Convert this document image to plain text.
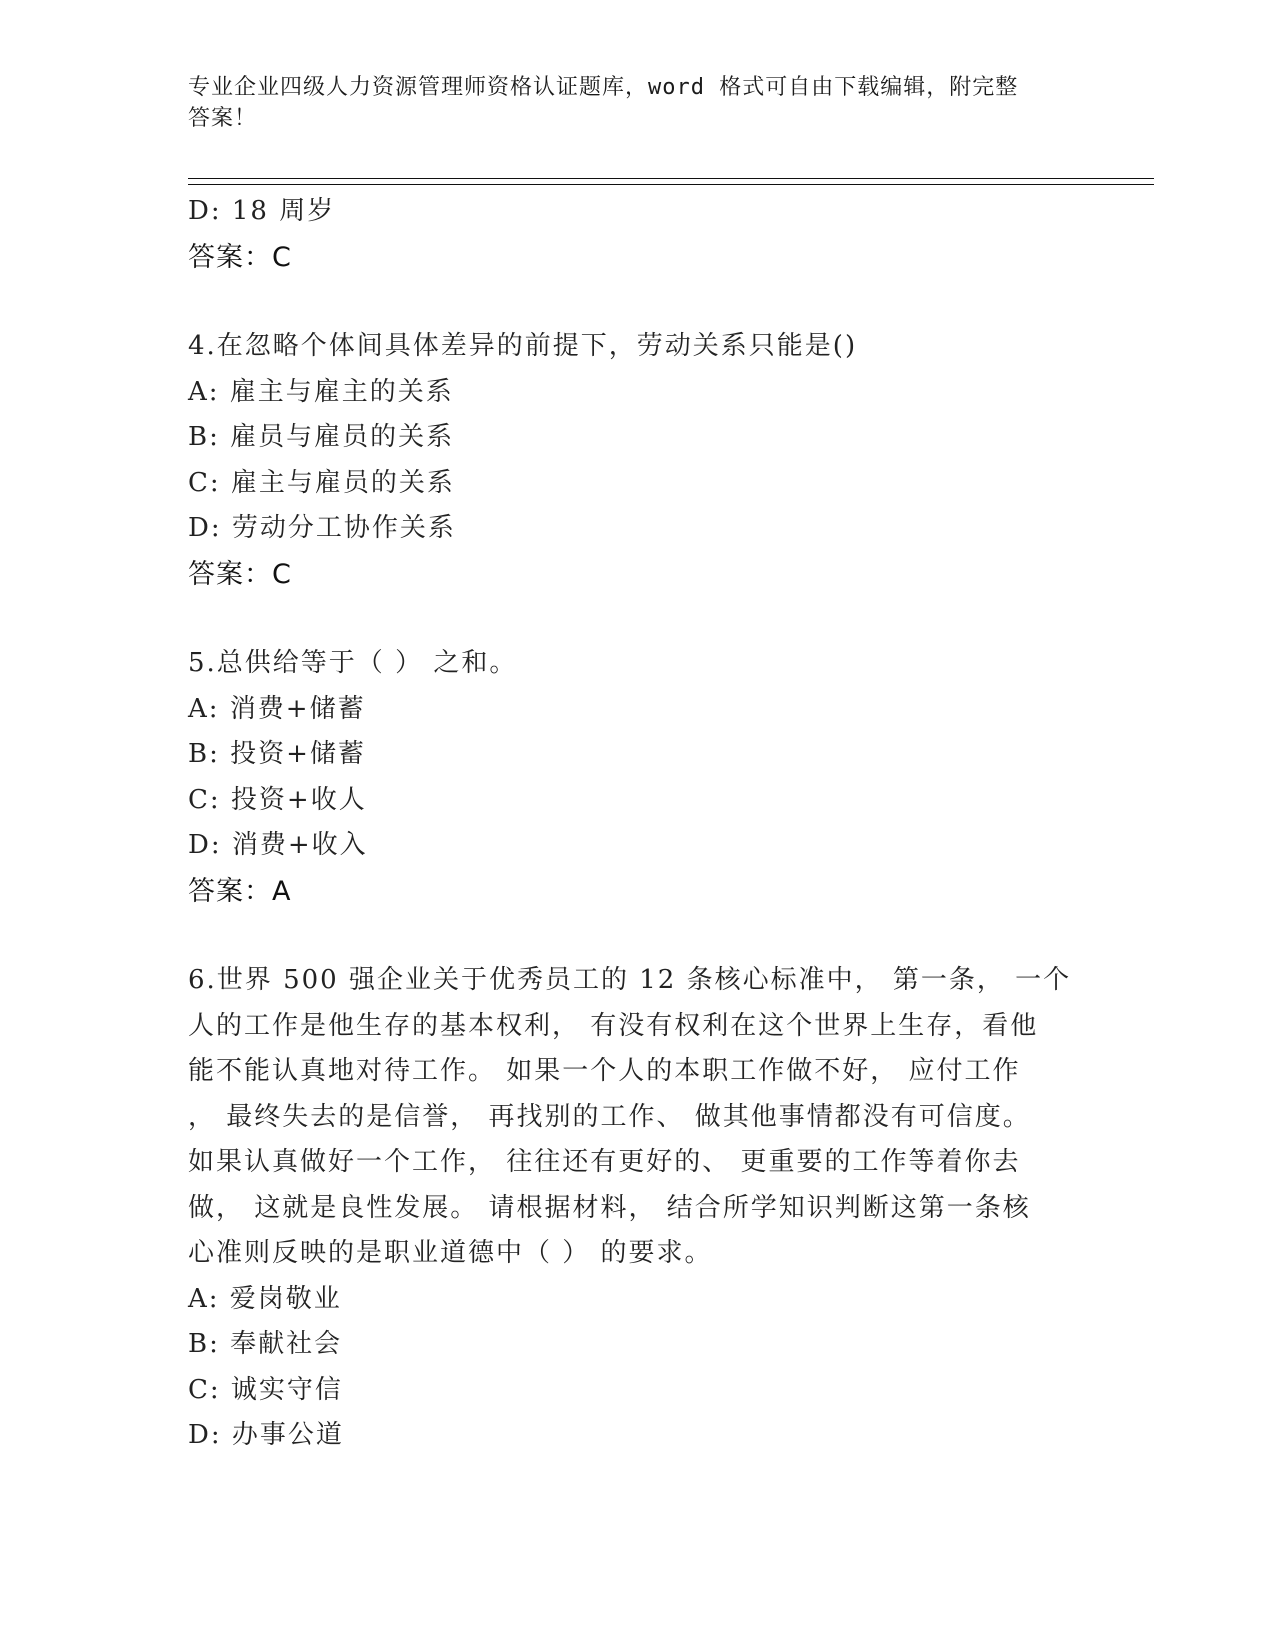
专业企业四级人力资源管理师资格认证题库，word 格式可自由下载编辑，附完整
答案！
D: 18 周岁
答案：C
4.在忽略个体间具体差异的前提下，劳动关系只能是()
A: 雇主与雇主的关系
B: 雇员与雇员的关系
C: 雇主与雇员的关系
D: 劳动分工协作关系
答案：C
5.总供给等于（ ） 之和。
A: 消费+储蓄
B: 投资+储蓄
C: 投资+收人
D: 消费+收入
答案：A
6.世界 500 强企业关于优秀员工的 12 条核心标准中， 第一条， 一个
人的工作是他生存的基本权利， 有没有权利在这个世界上生存，看他
能不能认真地对待工作。 如果一个人的本职工作做不好， 应付工作
， 最终失去的是信誉， 再找别的工作、 做其他事情都没有可信度。
如果认真做好一个工作， 往往还有更好的、 更重要的工作等着你去
做， 这就是良性发展。 请根据材料， 结合所学知识判断这第一条核
心准则反映的是职业道德中（ ） 的要求。
A: 爱岗敬业
B: 奉献社会
C: 诚实守信
D: 办事公道
